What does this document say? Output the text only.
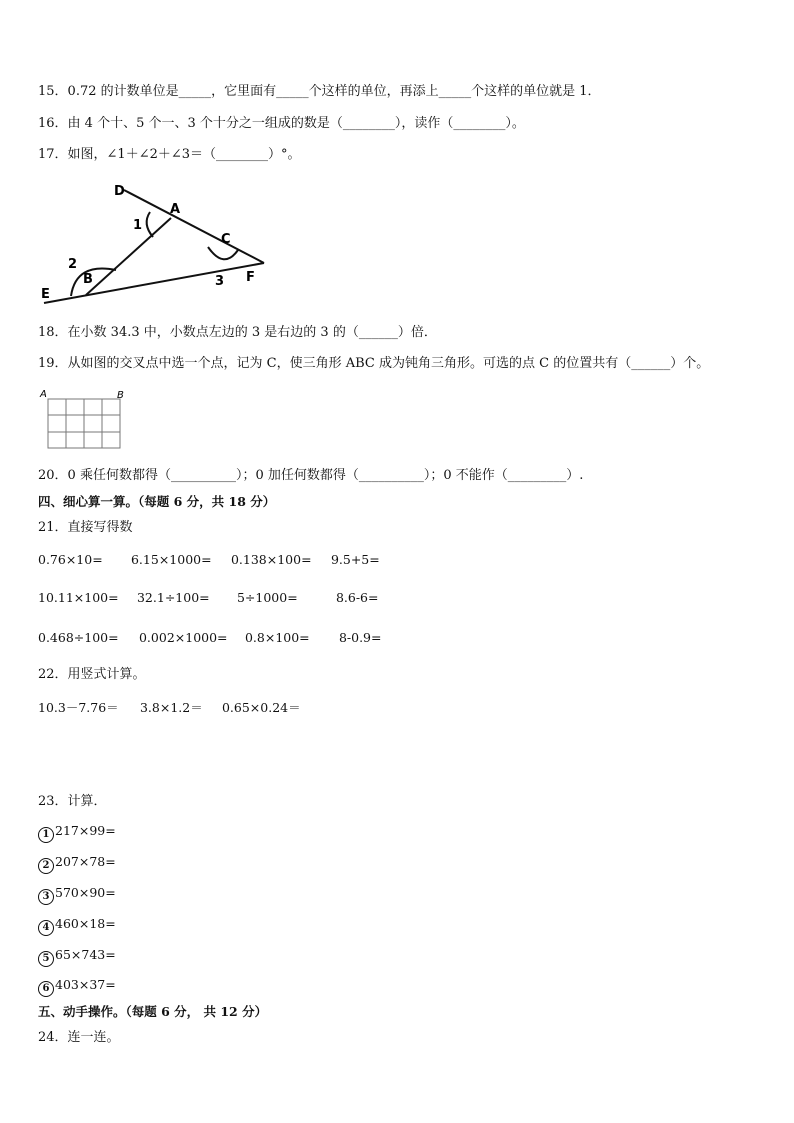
15．0.72 的计数单位是_____，它里面有_____个这样的单位，再添上_____个这样的单位就是 1．
16．由 4 个十、5 个一、3 个十分之一组成的数是（________），读作（________）。
17．如图，∠1＋∠2＋∠3＝（________）°。
D
A
C
F
E
B
1
2
3
18．在小数 34.3 中，小数点左边的 3 是右边的 3 的（______）倍．
19．从如图的交叉点中选一个点，记为 C，使三角形 ABC 成为钝角三角形。可选的点 C 的位置共有（______）个。
A	B
20．0 乘任何数都得（__________）；0 加任何数都得（__________）；0 不能作（_________）.
四、细心算一算。（每题 6 分，共 18 分）
21．直接写得数
0.76×10= 6.15×1000= 0.138×100= 9.5+5=
10.11×100= 32.1÷100= 5÷1000=	8.6-6=
0.468÷100= 0.002×1000= 0.8×100= 8-0.9=
22．用竖式计算。
10.3－7.76＝ 3.8×1.2＝ 0.65×0.24＝
23．计算．
1 217×99=
2 207×78=
3 570×90=
4 460×18=
5 65×743=
6 403×37=
五、动手操作。（每题 6 分， 共 12 分）
24．连一连。
